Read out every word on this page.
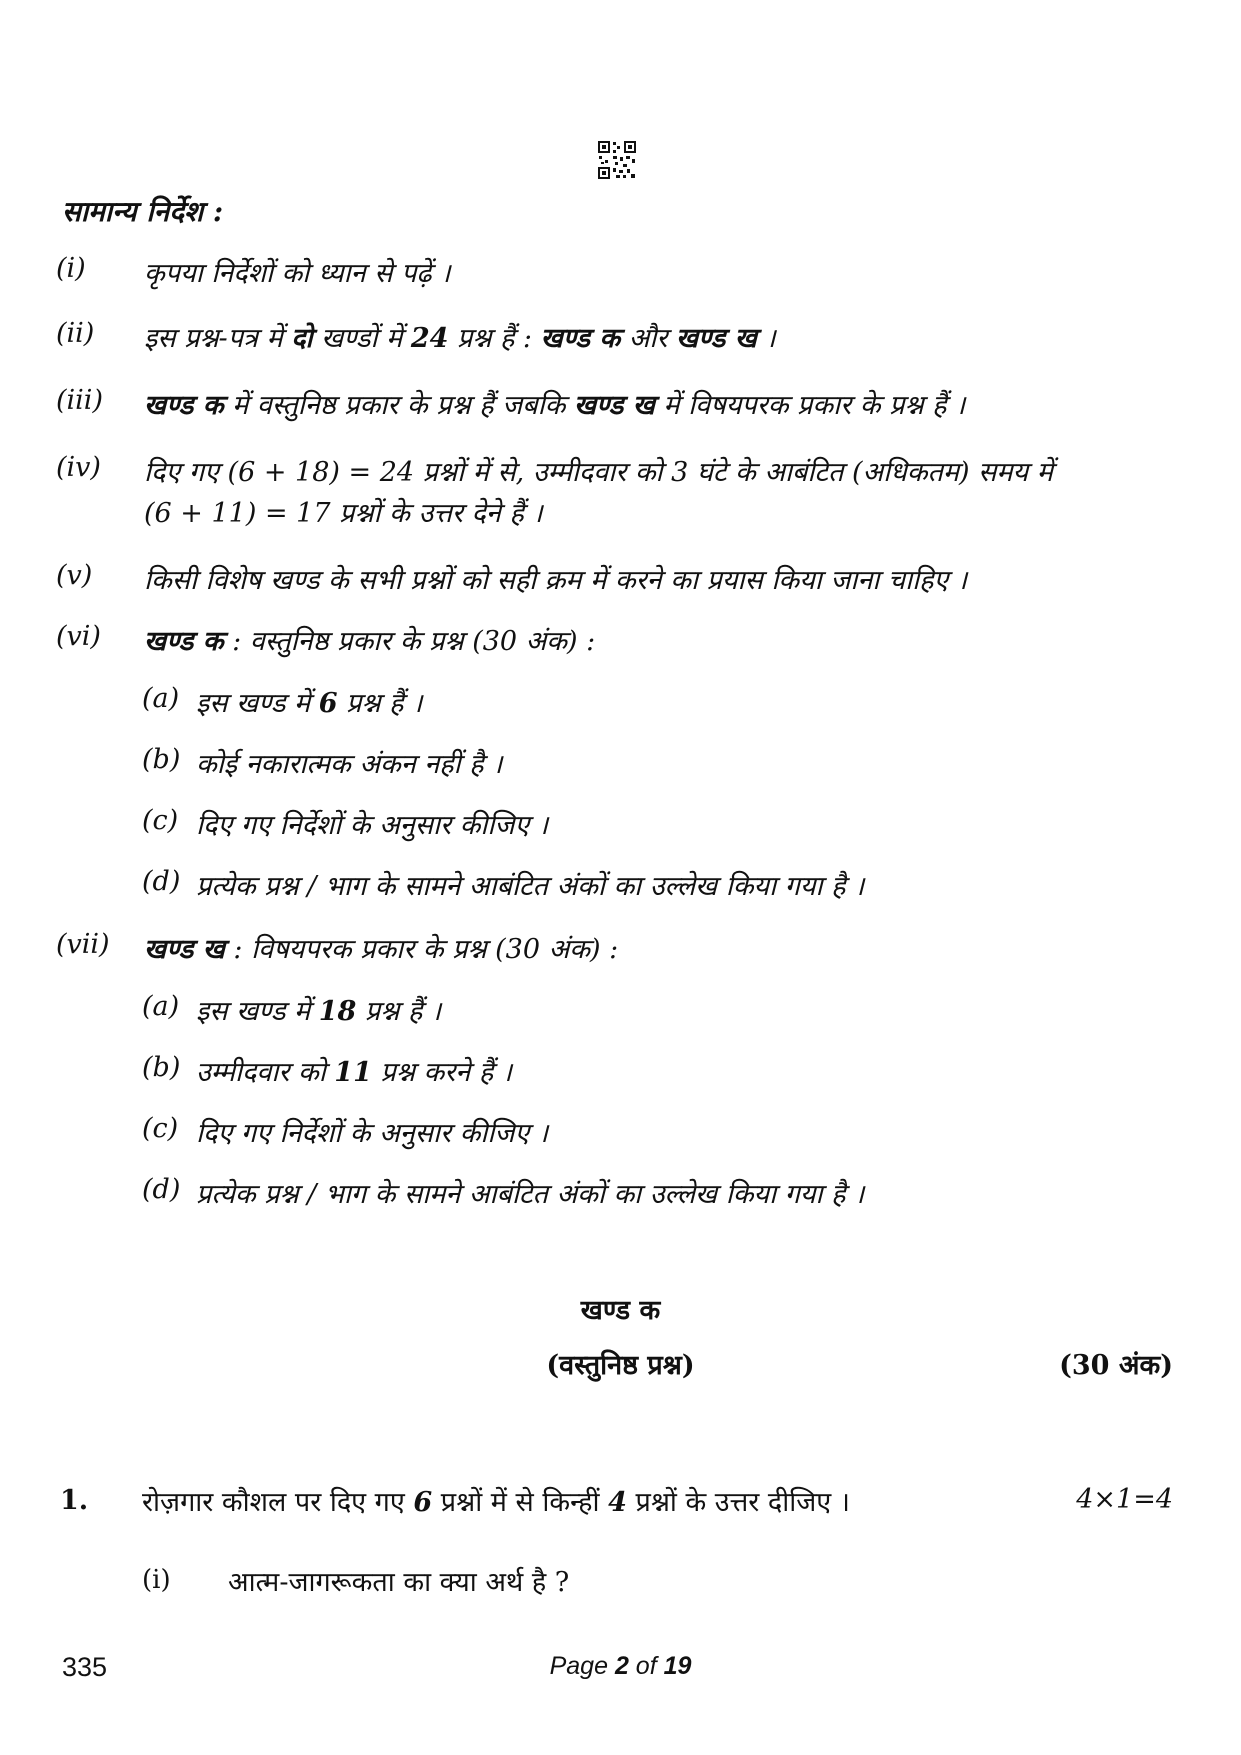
सामान्य निर्देश :
(i) कृपया निर्देशों को ध्यान से पढ़ें ।
(ii) इस प्रश्न-पत्र में दो खण्डों में 24 प्रश्न हैं : खण्ड क और खण्ड ख ।
(iii) खण्ड क में वस्तुनिष्ठ प्रकार के प्रश्न हैं जबकि खण्ड ख में विषयपरक प्रकार के प्रश्न हैं ।
(iv) दिए गए (6 + 18) = 24 प्रश्नों में से, उम्मीदवार को 3 घंटे के आबंटित (अधिकतम) समय में
(6 + 11) = 17 प्रश्नों के उत्तर देने हैं ।
(v) किसी विशेष खण्ड के सभी प्रश्नों को सही क्रम में करने का प्रयास किया जाना चाहिए ।
(vi) खण्ड क : वस्तुनिष्ठ प्रकार के प्रश्न (30 अंक) :
(a) इस खण्ड में 6 प्रश्न हैं ।
(b) कोई नकारात्मक अंकन नहीं है ।
(c) दिए गए निर्देशों के अनुसार कीजिए ।
(d) प्रत्येक प्रश्न / भाग के सामने आबंटित अंकों का उल्लेख किया गया है ।
(vii) खण्ड ख : विषयपरक प्रकार के प्रश्न (30 अंक) :
(a) इस खण्ड में 18 प्रश्न हैं ।
(b) उम्मीदवार को 11 प्रश्न करने हैं ।
(c) दिए गए निर्देशों के अनुसार कीजिए ।
(d) प्रत्येक प्रश्न / भाग के सामने आबंटित अंकों का उल्लेख किया गया है ।
खण्ड क
(वस्तुनिष्ठ प्रश्न)	(30 अंक)
1. रोज़गार कौशल पर दिए गए 6 प्रश्नों में से किन्हीं 4 प्रश्नों के उत्तर दीजिए ।	4×1=4
(i) आत्म-जागरूकता का क्या अर्थ है ?
335	Page 2 of 19
